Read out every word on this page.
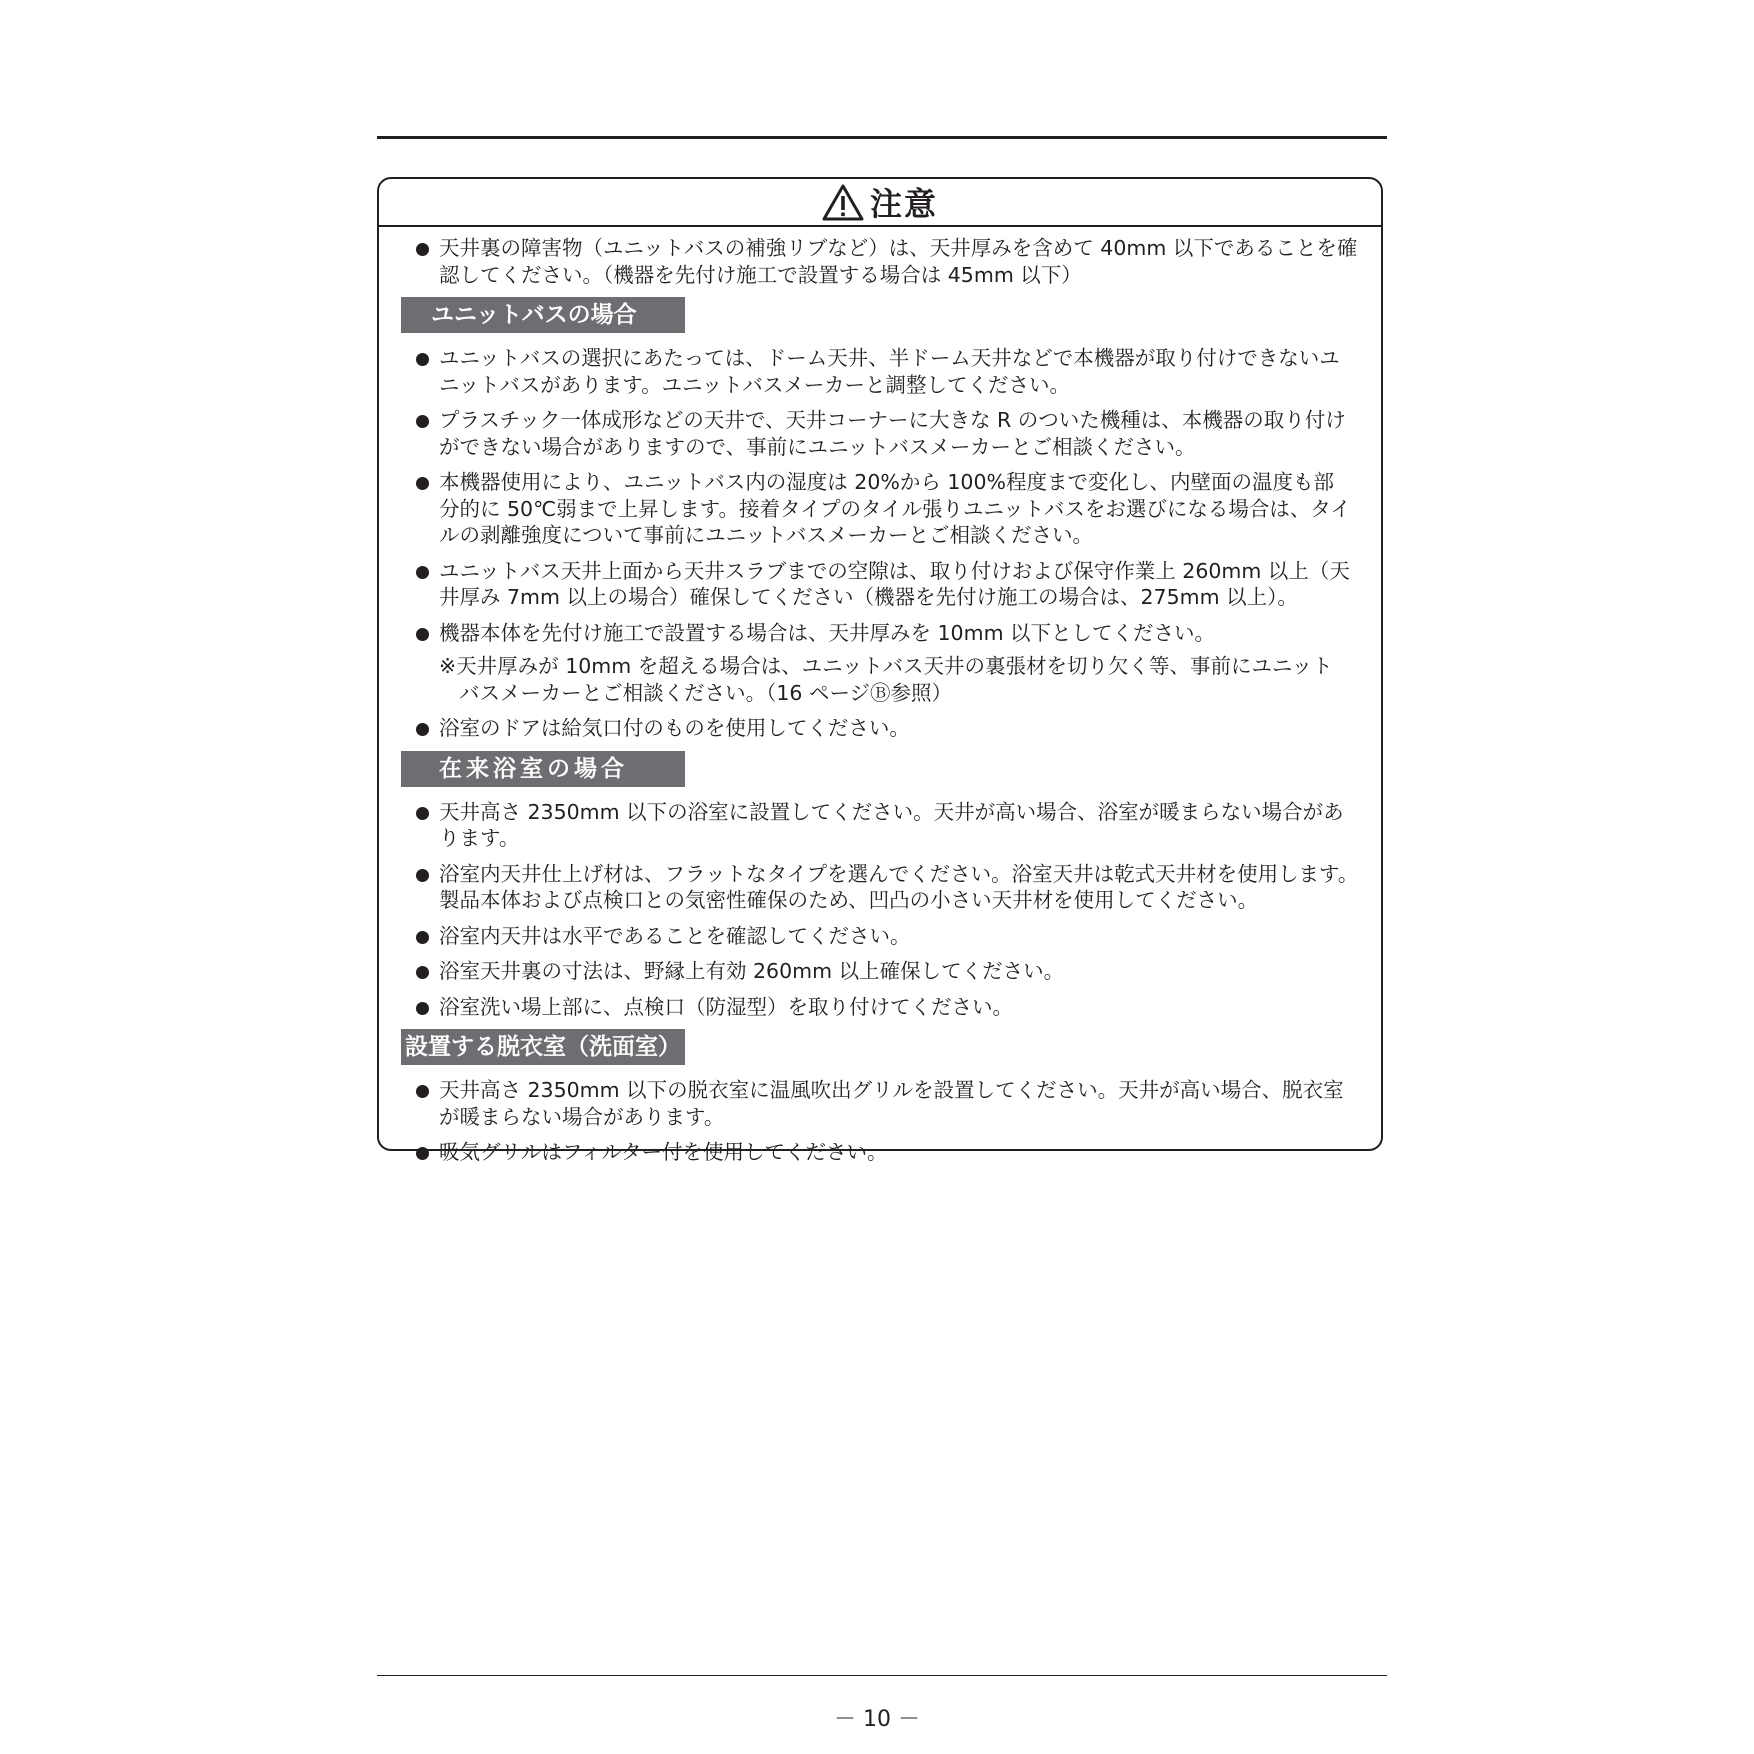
注意
天井裏の障害物（ユニットバスの補強リブなど）は、天井厚みを含めて 40mm 以下であることを確
認してください。（機器を先付け施工で設置する場合は 45mm 以下）
ユニットバスの場合
ユニットバスの選択にあたっては、ドーム天井、半ドーム天井などで本機器が取り付けできないユ
ニットバスがあります。ユニットバスメーカーと調整してください。
プラスチック一体成形などの天井で、天井コーナーに大きな R のついた機種は、本機器の取り付け
ができない場合がありますので、事前にユニットバスメーカーとご相談ください。
本機器使用により、ユニットバス内の湿度は 20%から 100%程度まで変化し、内壁面の温度も部
分的に 50℃弱まで上昇します。接着タイプのタイル張りユニットバスをお選びになる場合は、タイ
ルの剥離強度について事前にユニットバスメーカーとご相談ください。
ユニットバス天井上面から天井スラブまでの空隙は、取り付けおよび保守作業上 260mm 以上（天
井厚み 7mm 以上の場合）確保してください（機器を先付け施工の場合は、275mm 以上）。
機器本体を先付け施工で設置する場合は、天井厚みを 10mm 以下としてください。
※天井厚みが 10mm を超える場合は、ユニットバス天井の裏張材を切り欠く等、事前にユニット
バスメーカーとご相談ください。（16 ページⒷ参照）
浴室のドアは給気口付のものを使用してください。
在来浴室の場合
天井高さ 2350mm 以下の浴室に設置してください。天井が高い場合、浴室が暖まらない場合があ
ります。
浴室内天井仕上げ材は、フラットなタイプを選んでください。浴室天井は乾式天井材を使用します。
製品本体および点検口との気密性確保のため、凹凸の小さい天井材を使用してください。
浴室内天井は水平であることを確認してください。
浴室天井裏の寸法は、野縁上有効 260mm 以上確保してください。
浴室洗い場上部に、点検口（防湿型）を取り付けてください。
設置する脱衣室（洗面室）
天井高さ 2350mm 以下の脱衣室に温風吹出グリルを設置してください。天井が高い場合、脱衣室
が暖まらない場合があります。
吸気グリルはフィルター付を使用してください。
－ 10 －
